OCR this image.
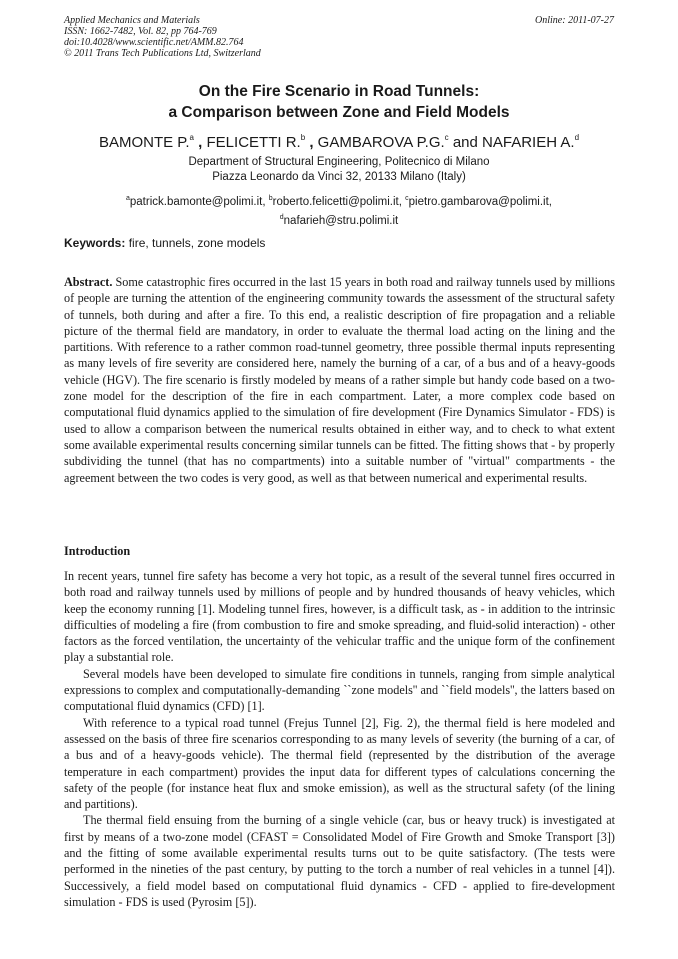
Applied Mechanics and Materials
ISSN: 1662-7482, Vol. 82, pp 764-769
doi:10.4028/www.scientific.net/AMM.82.764
© 2011 Trans Tech Publications Ltd, Switzerland
Online: 2011-07-27
On the Fire Scenario in Road Tunnels:
a Comparison between Zone and Field Models
BAMONTE P.$^a$ , FELICETTI R.$^b$ , GAMBAROVA P.G.$^c$ and NAFARIEH A.$^d$
Department of Structural Engineering, Politecnico di Milano
Piazza Leonardo da Vinci 32, 20133 Milano (Italy)
$^a$patrick.bamonte@polimi.it, $^b$roberto.felicetti@polimi.it, $^c$pietro.gambarova@polimi.it,
$^d$nafarieh@stru.polimi.it
Keywords: fire, tunnels, zone models
Abstract. Some catastrophic fires occurred in the last 15 years in both road and railway tunnels used by millions of people are turning the attention of the engineering community towards the assessment of the structural safety of tunnels, both during and after a fire. To this end, a realistic description of fire propagation and a reliable picture of the thermal field are mandatory, in order to evaluate the thermal load acting on the lining and the partitions. With reference to a rather common road-tunnel geometry, three possible thermal inputs representing as many levels of fire severity are considered here, namely the burning of a car, of a bus and of a heavy-goods vehicle (HGV). The fire scenario is firstly modeled by means of a rather simple but handy code based on a two-zone model for the description of the fire in each compartment. Later, a more complex code based on computational fluid dynamics applied to the simulation of fire development (Fire Dynamics Simulator - FDS) is used to allow a comparison between the numerical results obtained in either way, and to check to what extent some available experimental results concerning similar tunnels can be fitted. The fitting shows that - by properly subdividing the tunnel (that has no compartments) into a suitable number of "virtual" compartments - the agreement between the two codes is very good, as well as that between numerical and experimental results.
Introduction

In recent years, tunnel fire safety has become a very hot topic, as a result of the several tunnel fires occurred in both road and railway tunnels used by millions of people and by hundred thousands of heavy vehicles, which keep the economy running [1]. Modeling tunnel fires, however, is a difficult task, as - in addition to the intrinsic difficulties of modeling a fire (from combustion to fire and smoke spreading, and fluid-solid interaction) - other factors as the forced ventilation, the uncertainty of the vehicular traffic and the unique form of the confinement play a substantial role.

Several models have been developed to simulate fire conditions in tunnels, ranging from simple analytical expressions to complex and computationally-demanding ``zone models'' and ``field models'', the latters based on computational fluid dynamics (CFD) [1].

With reference to a typical road tunnel (Frejus Tunnel [2], Fig. 2), the thermal field is here modeled and assessed on the basis of three fire scenarios corresponding to as many levels of severity (the burning of a car, of a bus and of a heavy-goods vehicle). The thermal field (represented by the distribution of the average temperature in each compartment) provides the input data for different types of calculations concerning the safety of the people (for instance heat flux and smoke emission), as well as the structural safety (of the lining and partitions).

The thermal field ensuing from the burning of a single vehicle (car, bus or heavy truck) is investigated at first by means of a two-zone model (CFAST = Consolidated Model of Fire Growth and Smoke Transport [3]) and the fitting of some available experimental results turns out to be quite satisfactory. (The tests were performed in the nineties of the past century, by putting to the torch a number of real vehicles in a tunnel [4]). Successively, a field model based on computational fluid dynamics - CFD - applied to fire-development simulation - FDS is used (Pyrosim [5]).
